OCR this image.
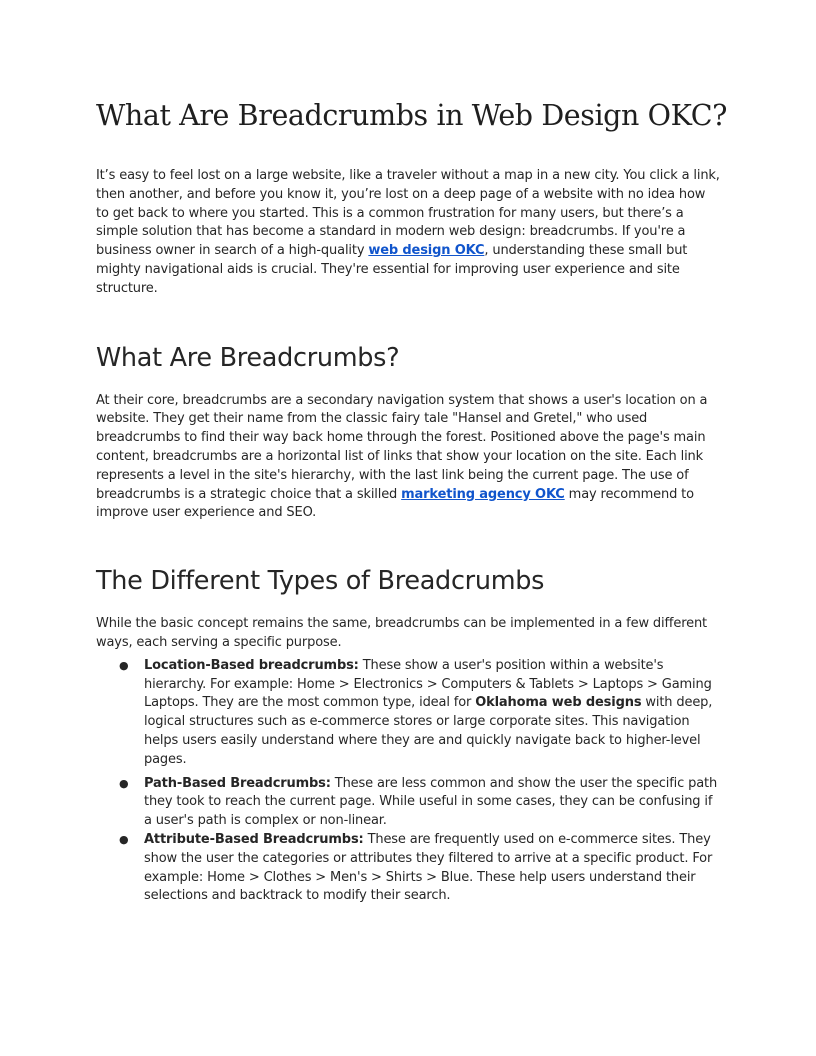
What Are Breadcrumbs in Web Design OKC?

It’s easy to feel lost on a large website, like a traveler without a map in a new city. You click a link, then another, and before you know it, you’re lost on a deep page of a website with no idea how to get back to where you started. This is a common frustration for many users, but there’s a simple solution that has become a standard in modern web design: breadcrumbs. If you're a business owner in search of a high-quality web design OKC, understanding these small but mighty navigational aids is crucial. They're essential for improving user experience and site structure.

What Are Breadcrumbs?

At their core, breadcrumbs are a secondary navigation system that shows a user's location on a website. They get their name from the classic fairy tale "Hansel and Gretel," who used breadcrumbs to find their way back home through the forest. Positioned above the page's main content, breadcrumbs are a horizontal list of links that show your location on the site. Each link represents a level in the site's hierarchy, with the last link being the current page. The use of breadcrumbs is a strategic choice that a skilled marketing agency OKC may recommend to improve user experience and SEO.

The Different Types of Breadcrumbs

While the basic concept remains the same, breadcrumbs can be implemented in a few different ways, each serving a specific purpose.

● Location-Based breadcrumbs: These show a user's position within a website's hierarchy. For example: Home > Electronics > Computers & Tablets > Laptops > Gaming Laptops. They are the most common type, ideal for Oklahoma web designs with deep, logical structures such as e-commerce stores or large corporate sites. This navigation helps users easily understand where they are and quickly navigate back to higher-level pages.
● Path-Based Breadcrumbs: These are less common and show the user the specific path they took to reach the current page. While useful in some cases, they can be confusing if a user's path is complex or non-linear.
● Attribute-Based Breadcrumbs: These are frequently used on e-commerce sites. They show the user the categories or attributes they filtered to arrive at a specific product. For example: Home > Clothes > Men's > Shirts > Blue. These help users understand their selections and backtrack to modify their search.
